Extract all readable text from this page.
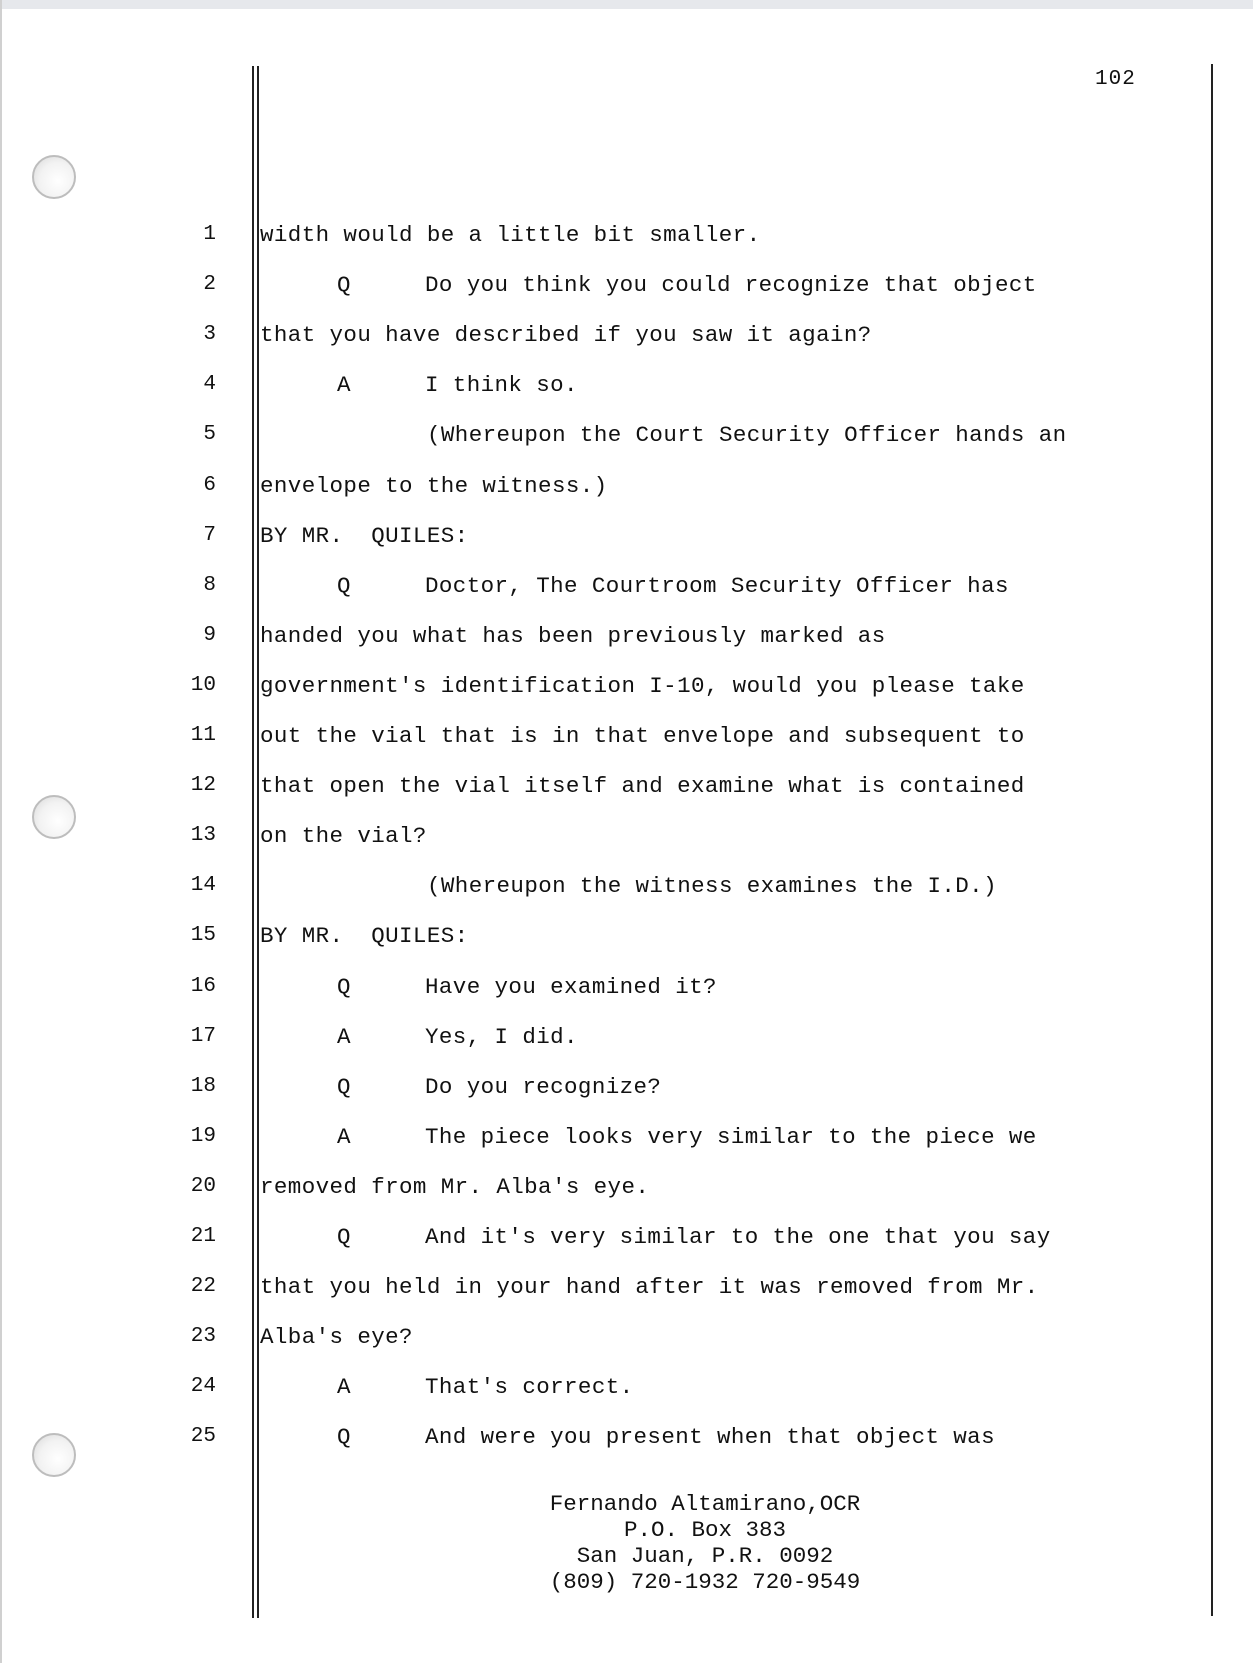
102
1 width would be a little bit smaller.
2	Q	Do you think you could recognize that object
3 that you have described if you saw it again?
4	A	I think so.
5	(Whereupon the Court Security Officer hands an
6 envelope to the witness.)
7 BY MR.  QUILES:
8	Q	Doctor, The Courtroom Security Officer has
9 handed you what has been previously marked as
10 government's identification I-10, would you please take
11 out the vial that is in that envelope and subsequent to
12 that open the vial itself and examine what is contained
13 on the vial?
14	(Whereupon the witness examines the I.D.)
15 BY MR.  QUILES:
16	Q	Have you examined it?
17	A	Yes, I did.
18	Q	Do you recognize?
19	A	The piece looks very similar to the piece we
20 removed from Mr. Alba's eye.
21	Q	And it's very similar to the one that you say
22 that you held in your hand after it was removed from Mr.
23 Alba's eye?
24	A	That's correct.
25	Q	And were you present when that object was
Fernando Altamirano,OCR
P.O. Box 383
San Juan, P.R. 0092
(809) 720-1932 720-9549
